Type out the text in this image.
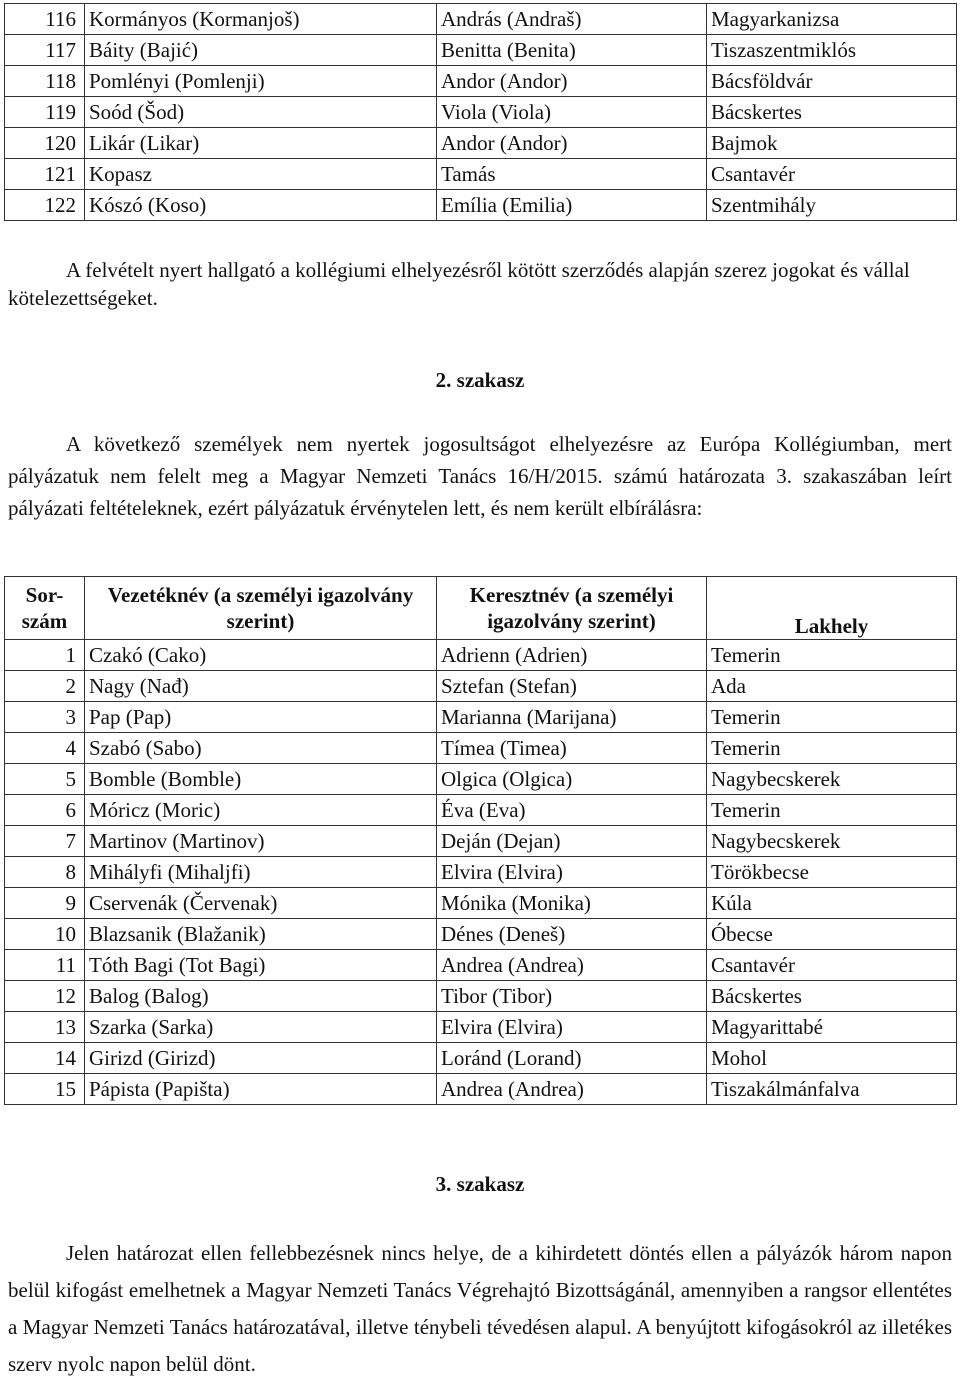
116	Kormányos (Kormanjoš)	András (Andraš)	Magyarkanizsa
117	Báity (Bajić)	Benitta (Benita)	Tiszaszentmiklós
118	Pomlényi (Pomlenji)	Andor (Andor)	Bácsföldvár
119	Soód (Šod)	Viola (Viola)	Bácskertes
120	Likár (Likar)	Andor (Andor)	Bajmok
121	Kopasz	Tamás	Csantavér
122	Kószó (Koso)	Emília (Emilia)	Szentmihály

A felvételt nyert hallgató a kollégiumi elhelyezésről kötött szerződés alapján szerez jogokat és vállal kötelezettségeket.

2. szakasz

A következő személyek nem nyertek jogosultságot elhelyezésre az Európa Kollégiumban, mert pályázatuk nem felelt meg a Magyar Nemzeti Tanács 16/H/2015. számú határozata 3. szakaszában leírt pályázati feltételeknek, ezért pályázatuk érvénytelen lett, és nem került elbírálásra:

Sor-szám	Vezetéknév (a személyi igazolvány szerint)	Keresztnév (a személyi igazolvány szerint)	Lakhely
1	Czakó (Cako)	Adrienn (Adrien)	Temerin
2	Nagy (Nađ)	Sztefan (Stefan)	Ada
3	Pap (Pap)	Marianna (Marijana)	Temerin
4	Szabó (Sabo)	Tímea (Timea)	Temerin
5	Bomble (Bomble)	Olgica (Olgica)	Nagybecskerek
6	Móricz (Moric)	Éva (Eva)	Temerin
7	Martinov (Martinov)	Deján (Dejan)	Nagybecskerek
8	Mihályfi (Mihaljfi)	Elvira (Elvira)	Törökbecse
9	Cservenák (Červenak)	Mónika (Monika)	Kúla
10	Blazsanik (Blažanik)	Dénes (Deneš)	Óbecse
11	Tóth Bagi (Tot Bagi)	Andrea (Andrea)	Csantavér
12	Balog (Balog)	Tibor (Tibor)	Bácskertes
13	Szarka (Sarka)	Elvira (Elvira)	Magyarittabé
14	Girizd (Girizd)	Loránd (Lorand)	Mohol
15	Pápista (Papišta)	Andrea (Andrea)	Tiszakálmánfalva

3. szakasz

Jelen határozat ellen fellebbezésnek nincs helye, de a kihirdetett döntés ellen a pályázók három napon belül kifogást emelhetnek a Magyar Nemzeti Tanács Végrehajtó Bizottságánál, amennyiben a rangsor ellentétes a Magyar Nemzeti Tanács határozatával, illetve ténybeli tévedésen alapul. A benyújtott kifogásokról az illetékes szerv nyolc napon belül dönt.
